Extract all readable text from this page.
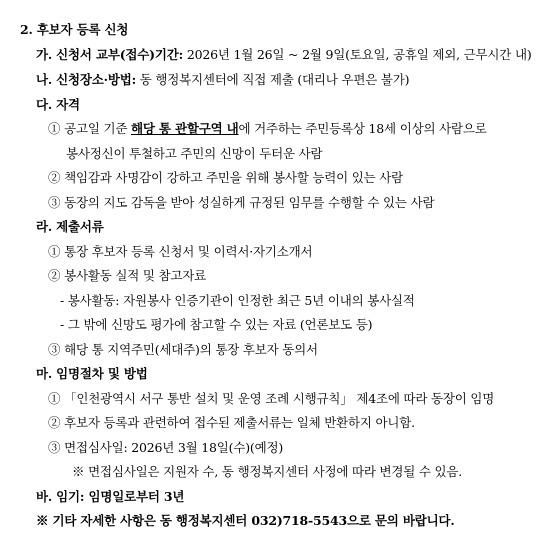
2. 후보자 등록 신청
가. 신청서 교부(접수)기간: 2026년 1월 26일 ~ 2월 9일(토요일, 공휴일 제외, 근무시간 내)
나. 신청장소·방법: 동 행정복지센터에 직접 제출 (대리나 우편은 불가)
다. 자격
① 공고일 기준 해당 통 관할구역 내에 거주하는 주민등록상 18세 이상의 사람으로
봉사정신이 투철하고 주민의 신망이 두터운 사람
② 책임감과 사명감이 강하고 주민을 위해 봉사할 능력이 있는 사람
③ 동장의 지도 감독을 받아 성실하게 규정된 임무를 수행할 수 있는 사람
라. 제출서류
① 통장 후보자 등록 신청서 및 이력서·자기소개서
② 봉사활동 실적 및 참고자료
- 봉사활동: 자원봉사 인증기관이 인정한 최근 5년 이내의 봉사실적
- 그 밖에 신망도 평가에 참고할 수 있는 자료 (언론보도 등)
③ 해당 통 지역주민(세대주)의 통장 후보자 동의서
마. 임명절차 및 방법
① 「인천광역시 서구 통반 설치 및 운영 조례 시행규칙」 제4조에 따라 동장이 임명
② 후보자 등록과 관련하여 접수된 제출서류는 일체 반환하지 아니함.
③ 면접심사일: 2026년 3월 18일(수)(예정)
※ 면접심사일은 지원자 수, 동 행정복지센터 사정에 따라 변경될 수 있음.
바. 임기: 임명일로부터 3년
※ 기타 자세한 사항은 동 행정복지센터 032)718-5543으로 문의 바랍니다.
